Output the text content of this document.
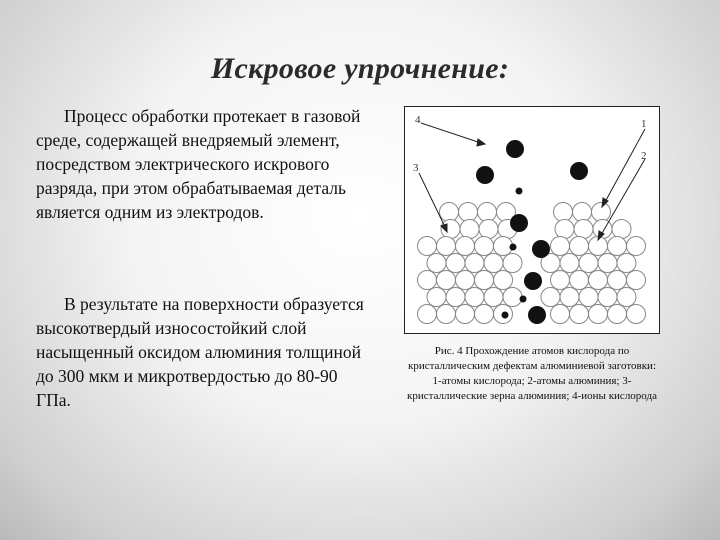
Искровое упрочнение:

Процесс обработки протекает в газовой среде, содержащей внедряемый элемент, посредством электрического искрового разряда, при этом обрабатываемая деталь является одним из электродов.

В результате на поверхности образуется высокотвердый износостойкий слой насыщенный оксидом алюминия толщиной до 300 мкм и микротвердостью до 80-90 ГПа.

4	1
2
3
Рис. 4 Прохождение атомов кислорода по кристаллическим дефектам алюминиевой заготовки: 1-атомы кислорода; 2-атомы алюминия; 3-кристаллические зерна алюминия; 4-ионы кислорода
